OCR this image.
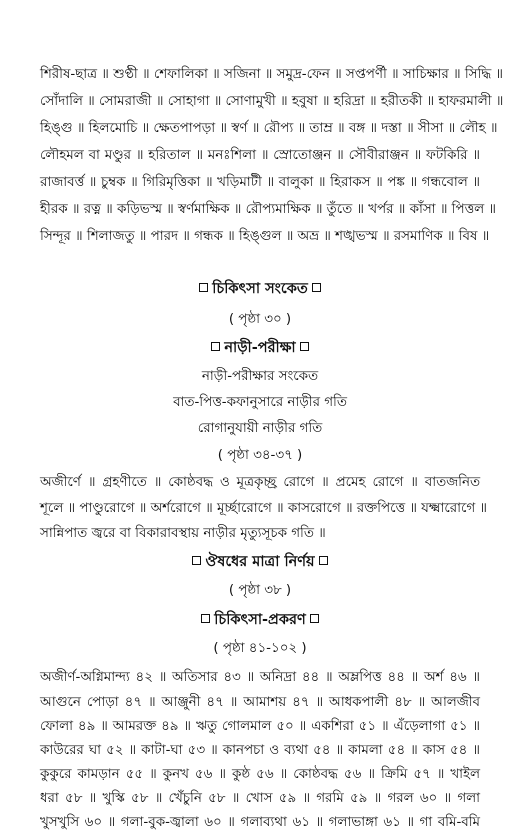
শিরীষ-ছাত্র ॥ শুণ্ঠী ॥ শেফালিকা ॥ সজিনা ॥ সমুদ্র-ফেন ॥ সপ্তপর্ণী ॥ সাচিক্ষার ॥ সিদ্ধি ॥
সোঁদালি ॥ সোমরাজী ॥ সোহাগা ॥ সোণামুখী ॥ হবুষা ॥ হরিদ্রা ॥ হরীতকী ॥ হাফরমালী ॥
হিঙ্গু ॥ হিলমোচি ॥ ক্ষেতপাপড়া ॥ স্বর্ণ ॥ রৌপ্য ॥ তাম্র ॥ বঙ্গ ॥ দস্তা ॥ সীসা ॥ লৌহ ॥
লৌহমল বা মণ্ডুর ॥ হরিতাল ॥ মনঃশিলা ॥ স্রোতোঞ্জন ॥ সৌবীরাঞ্জন ॥ ফটকিরি ॥
রাজাবর্ত্ত ॥ চুম্বক ॥ গিরিমৃত্তিকা ॥ খড়িমাটী ॥ বালুকা ॥ হিরাকস ॥ পঙ্ক ॥ গন্ধবোল ॥
হীরক ॥ রত্ন ॥ কড়িভস্ম ॥ স্বর্ণমাক্ষিক ॥ রৌপ্যমাক্ষিক ॥ তুঁতে ॥ খর্পর ॥ কাঁসা ॥ পিত্তল ॥
সিন্দূর ॥ শিলাজতু ॥ পারদ ॥ গন্ধক ॥ হিঙ্গুল ॥ অভ্র ॥ শঙ্খভস্ম ॥ রসমাণিক ॥ বিষ ॥
চিকিৎসা সংকেত
( পৃষ্ঠা ৩০ )
নাড়ী-পরীক্ষা
নাড়ী-পরীক্ষার সংকেত
বাত-পিত্ত-কফানুসারে নাড়ীর গতি
রোগানুযায়ী নাড়ীর গতি
( পৃষ্ঠা ৩৪-৩৭ )
অজীর্ণে ॥ গ্রহণীতে ॥ কোষ্ঠবদ্ধ ও মূত্রকৃচ্ছ্র রোগে ॥ প্রমেহ রোগে ॥ বাতজনিত
শূলে ॥ পাণ্ডুরোগে ॥ অর্শরোগে ॥ মূর্চ্ছারোগে ॥ কাসরোগে ॥ রক্তপিত্তে ॥ যক্ষ্মারোগে ॥
সান্নিপাত জ্বরে বা বিকারাবস্থায় নাড়ীর মৃত্যুসূচক গতি ॥
ঔষধের মাত্রা নির্ণয়
( পৃষ্ঠা ৩৮ )
চিকিৎসা-প্রকরণ
( পৃষ্ঠা ৪১-১০২ )
অজীর্ণ-অগ্নিমান্দ্য ৪২ ॥ অতিসার ৪৩ ॥ অনিদ্রা ৪৪ ॥ অম্লপিত্ত ৪৪ ॥ অর্শ ৪৬ ॥
আগুনে পোড়া ৪৭ ॥ আঞ্জুনী ৪৭ ॥ আমাশয় ৪৭ ॥ আধকপালী ৪৮ ॥ আলজীব
ফোলা ৪৯ ॥ আমরক্ত ৪৯ ॥ ঋতু গোলমাল ৫০ ॥ একশিরা ৫১ ॥ এঁড়েলাগা ৫১ ॥
কাউরের ঘা ৫২ ॥ কাটা-ঘা ৫৩ ॥ কানপচা ও ব্যথা ৫৪ ॥ কামলা ৫৪ ॥ কাস ৫৪ ॥
কুকুরে কামড়ান ৫৫ ॥ কুনখ ৫৬ ॥ কুষ্ঠ ৫৬ ॥ কোষ্ঠবদ্ধ ৫৬ ॥ ক্রিমি ৫৭ ॥ খাইল
ধরা ৫৮ ॥ খুস্কি ৫৮ ॥ খেঁচুনি ৫৮ ॥ খোস ৫৯ ॥ গরমি ৫৯ ॥ গরল ৬০ ॥ গলা
খুসখুসি ৬০ ॥ গলা-বুক-জ্বালা ৬০ ॥ গলাব্যথা ৬১ ॥ গলাভাঙ্গা ৬১ ॥ গা বমি-বমি
